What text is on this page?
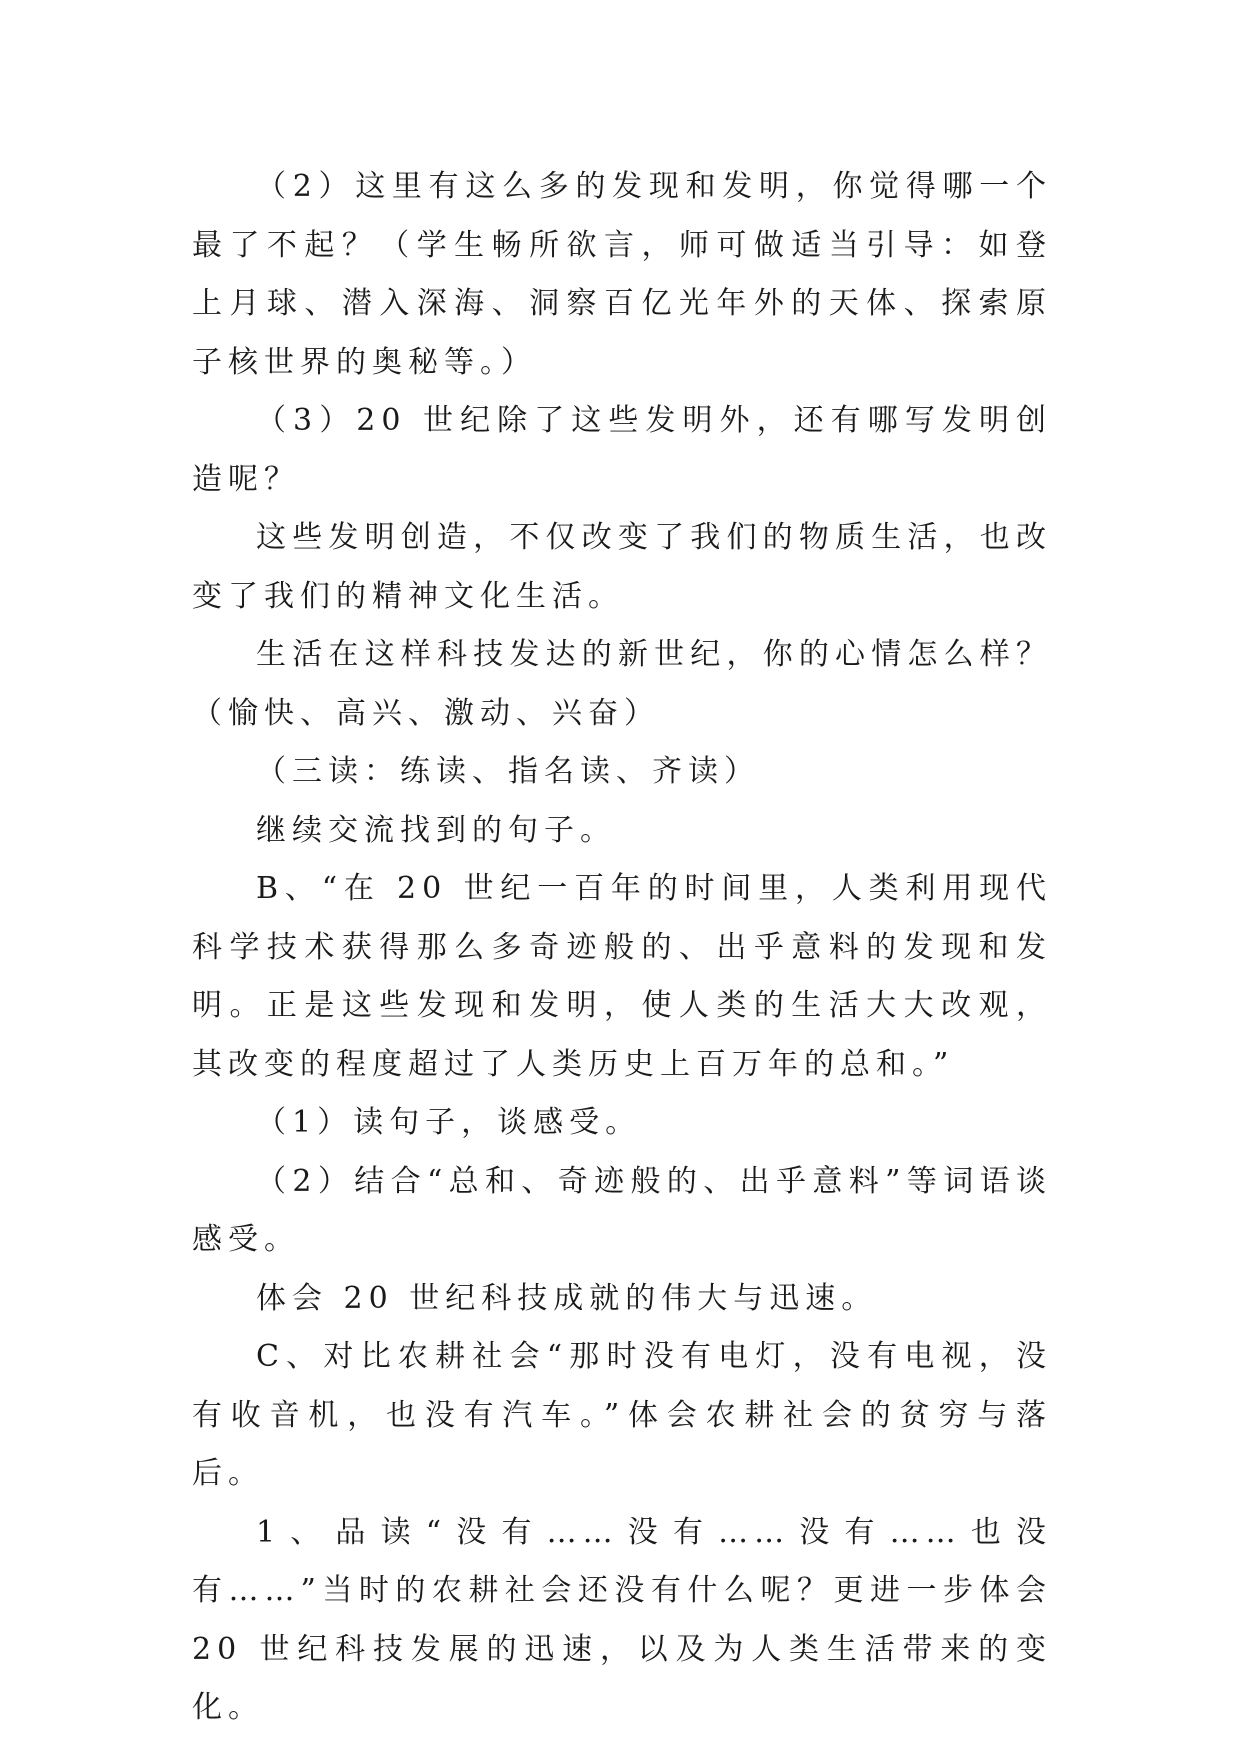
（2）这里有这么多的发现和发明，你觉得哪一个最了不起？（学生畅所欲言，师可做适当引导：如登上月球、潜入深海、洞察百亿光年外的天体、探索原子核世界的奥秘等。）

（3）20 世纪除了这些发明外，还有哪写发明创造呢？

这些发明创造，不仅改变了我们的物质生活，也改变了我们的精神文化生活。

生活在这样科技发达的新世纪，你的心情怎么样？（愉快、高兴、激动、兴奋）

（三读：练读、指名读、齐读）

继续交流找到的句子。

B、“在 20 世纪一百年的时间里，人类利用现代科学技术获得那么多奇迹般的、出乎意料的发现和发明。正是这些发现和发明，使人类的生活大大改观，其改变的程度超过了人类历史上百万年的总和。”

（1）读句子，谈感受。

（2）结合“总和、奇迹般的、出乎意料”等词语谈感受。

体会 20 世纪科技成就的伟大与迅速。

C、对比农耕社会“那时没有电灯，没有电视，没有收音机，也没有汽车。”体会农耕社会的贫穷与落后。

1、品读“没有……没有……没有……也没有……”当时的农耕社会还没有什么呢？更进一步体会 20 世纪科技发展的迅速，以及为人类生活带来的变化。
